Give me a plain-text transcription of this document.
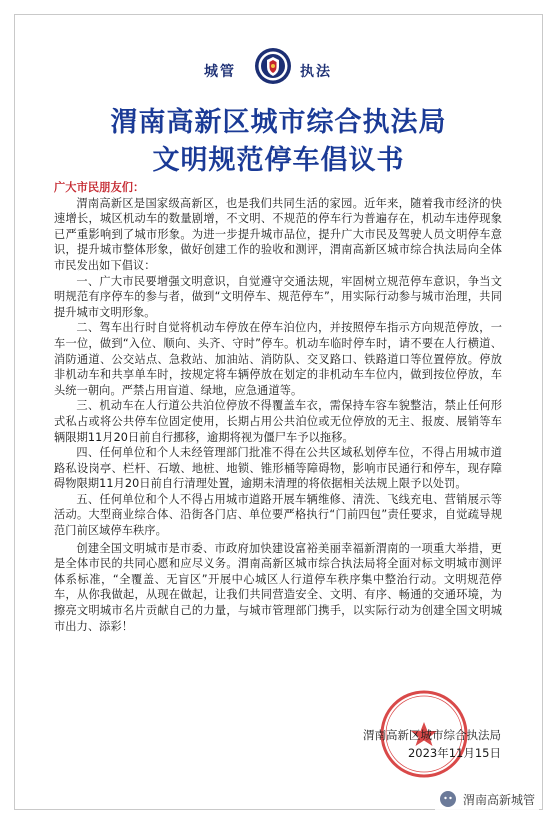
城管	执法
渭南高新区城市综合执法局
文明规范停车倡议书

广大市民朋友们：

渭南高新区是国家级高新区，也是我们共同生活的家园。近年来，随着我市经济的快速增长，城区机动车的数量剧增，不文明、不规范的停车行为普遍存在，机动车违停现象已严重影响到了城市形象。为进一步提升城市品位，提升广大市民及驾驶人员文明停车意识，提升城市整体形象，做好创建工作的验收和测评，渭南高新区城市综合执法局向全体市民发出如下倡议：

一、广大市民要增强文明意识，自觉遵守交通法规，牢固树立规范停车意识，争当文明规范有序停车的参与者，做到“文明停车、规范停车”，用实际行动参与城市治理，共同提升城市文明形象。

二、驾车出行时自觉将机动车停放在停车泊位内，并按照停车指示方向规范停放，一车一位，做到“入位、顺向、头齐、守时”停车。机动车临时停车时，请不要在人行横道、消防通道、公交站点、急救站、加油站、消防队、交叉路口、铁路道口等位置停放。停放非机动车和共享单车时，按规定将车辆停放在划定的非机动车车位内，做到按位停放，车头统一朝向。严禁占用盲道、绿地，应急通道等。

三、机动车在人行道公共泊位停放不得覆盖车衣，需保持车容车貌整洁，禁止任何形式私占或将公共停车位固定使用，长期占用公共泊位或无位停放的无主、报废、展销等车辆限期11月20日前自行挪移，逾期将视为僵尸车予以拖移。

四、任何单位和个人未经管理部门批准不得在公共区域私划停车位，不得占用城市道路私设岗亭、栏杆、石墩、地桩、地锁、锥形桶等障碍物，影响市民通行和停车，现存障碍物限期11月20日前自行清理处置，逾期未清理的将依据相关法规上限予以处罚。

五、任何单位和个人不得占用城市道路开展车辆维修、清洗、飞线充电、营销展示等活动。大型商业综合体、沿街各门店、单位要严格执行“门前四包”责任要求，自觉疏导规范门前区域停车秩序。

创建全国文明城市是市委、市政府加快建设富裕美丽幸福新渭南的一项重大举措，更是全体市民的共同心愿和应尽义务。渭南高新区城市综合执法局将全面对标文明城市测评体系标准，“全覆盖、无盲区”开展中心城区人行道停车秩序集中整治行动。文明规范停车，从你我做起，从现在做起，让我们共同营造安全、文明、有序、畅通的交通环境，为擦亮文明城市名片贡献自己的力量，与城市管理部门携手，以实际行动为创建全国文明城市出力、添彩！

渭南高新区城市综合执法局
2023年11月15日
渭南高新城管
